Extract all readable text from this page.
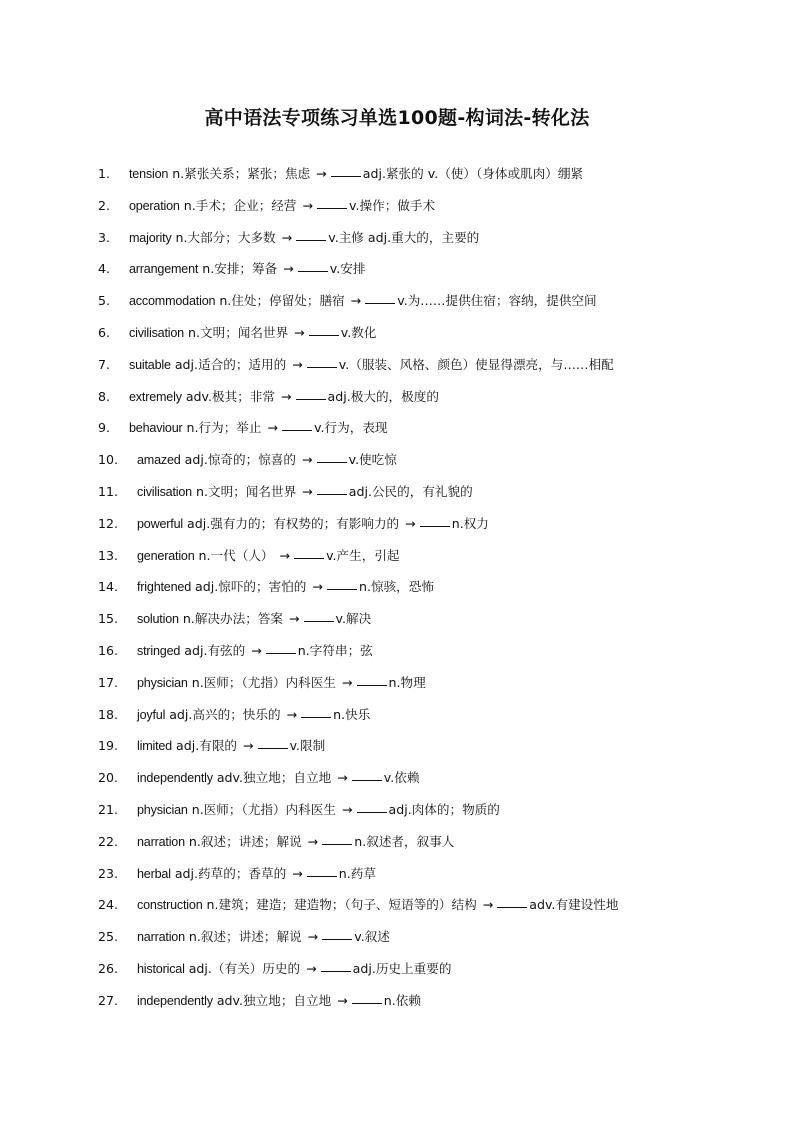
高中语法专项练习单选100题-构词法-转化法
1.	tension n.紧张关系；紧张；焦虑 →	adj.紧张的 v.（使）（身体或肌肉）绷紧
2.	operation n.手术；企业；经营 →	v.操作；做手术
3.	majority n.大部分；大多数 →	v.主修 adj.重大的，主要的
4.	arrangement n.安排；筹备 →	v.安排
5.	accommodation n.住处；停留处；膳宿 →	v.为……提供住宿；容纳，提供空间
6.	civilisation n.文明；闻名世界 →	v.教化
7.	suitable adj.适合的；适用的 →	v.（服装、风格、颜色）使显得漂亮，与……相配
8.	extremely adv.极其；非常 →	adj.极大的，极度的
9.	behaviour n.行为；举止 →	v.行为，表现
10.	amazed adj.惊奇的；惊喜的 →	v.使吃惊
11.	civilisation n.文明；闻名世界 →	adj.公民的，有礼貌的
12.	powerful adj.强有力的；有权势的；有影响力的 →	n.权力
13.	generation n.一代（人） →	v.产生，引起
14.	frightened adj.惊吓的；害怕的 →	n.惊骇，恐怖
15.	solution n.解决办法；答案 →	v.解决
16.	stringed adj.有弦的 →	n.字符串；弦
17.	physician n.医师；（尤指）内科医生 →	n.物理
18.	joyful adj.高兴的；快乐的 →	n.快乐
19.	limited adj.有限的 →	v.限制
20.	independently adv.独立地；自立地 →	v.依赖
21.	physician n.医师；（尤指）内科医生 →	adj.肉体的；物质的
22.	narration n.叙述；讲述；解说 →	n.叙述者，叙事人
23.	herbal adj.药草的；香草的 →	n.药草
24.	construction n.建筑；建造；建造物；（句子、短语等的）结构 →	adv.有建设性地
25.	narration n.叙述；讲述；解说 →	v.叙述
26.	historical adj.（有关）历史的 →	adj.历史上重要的
27.	independently adv.独立地；自立地 →	n.依赖
